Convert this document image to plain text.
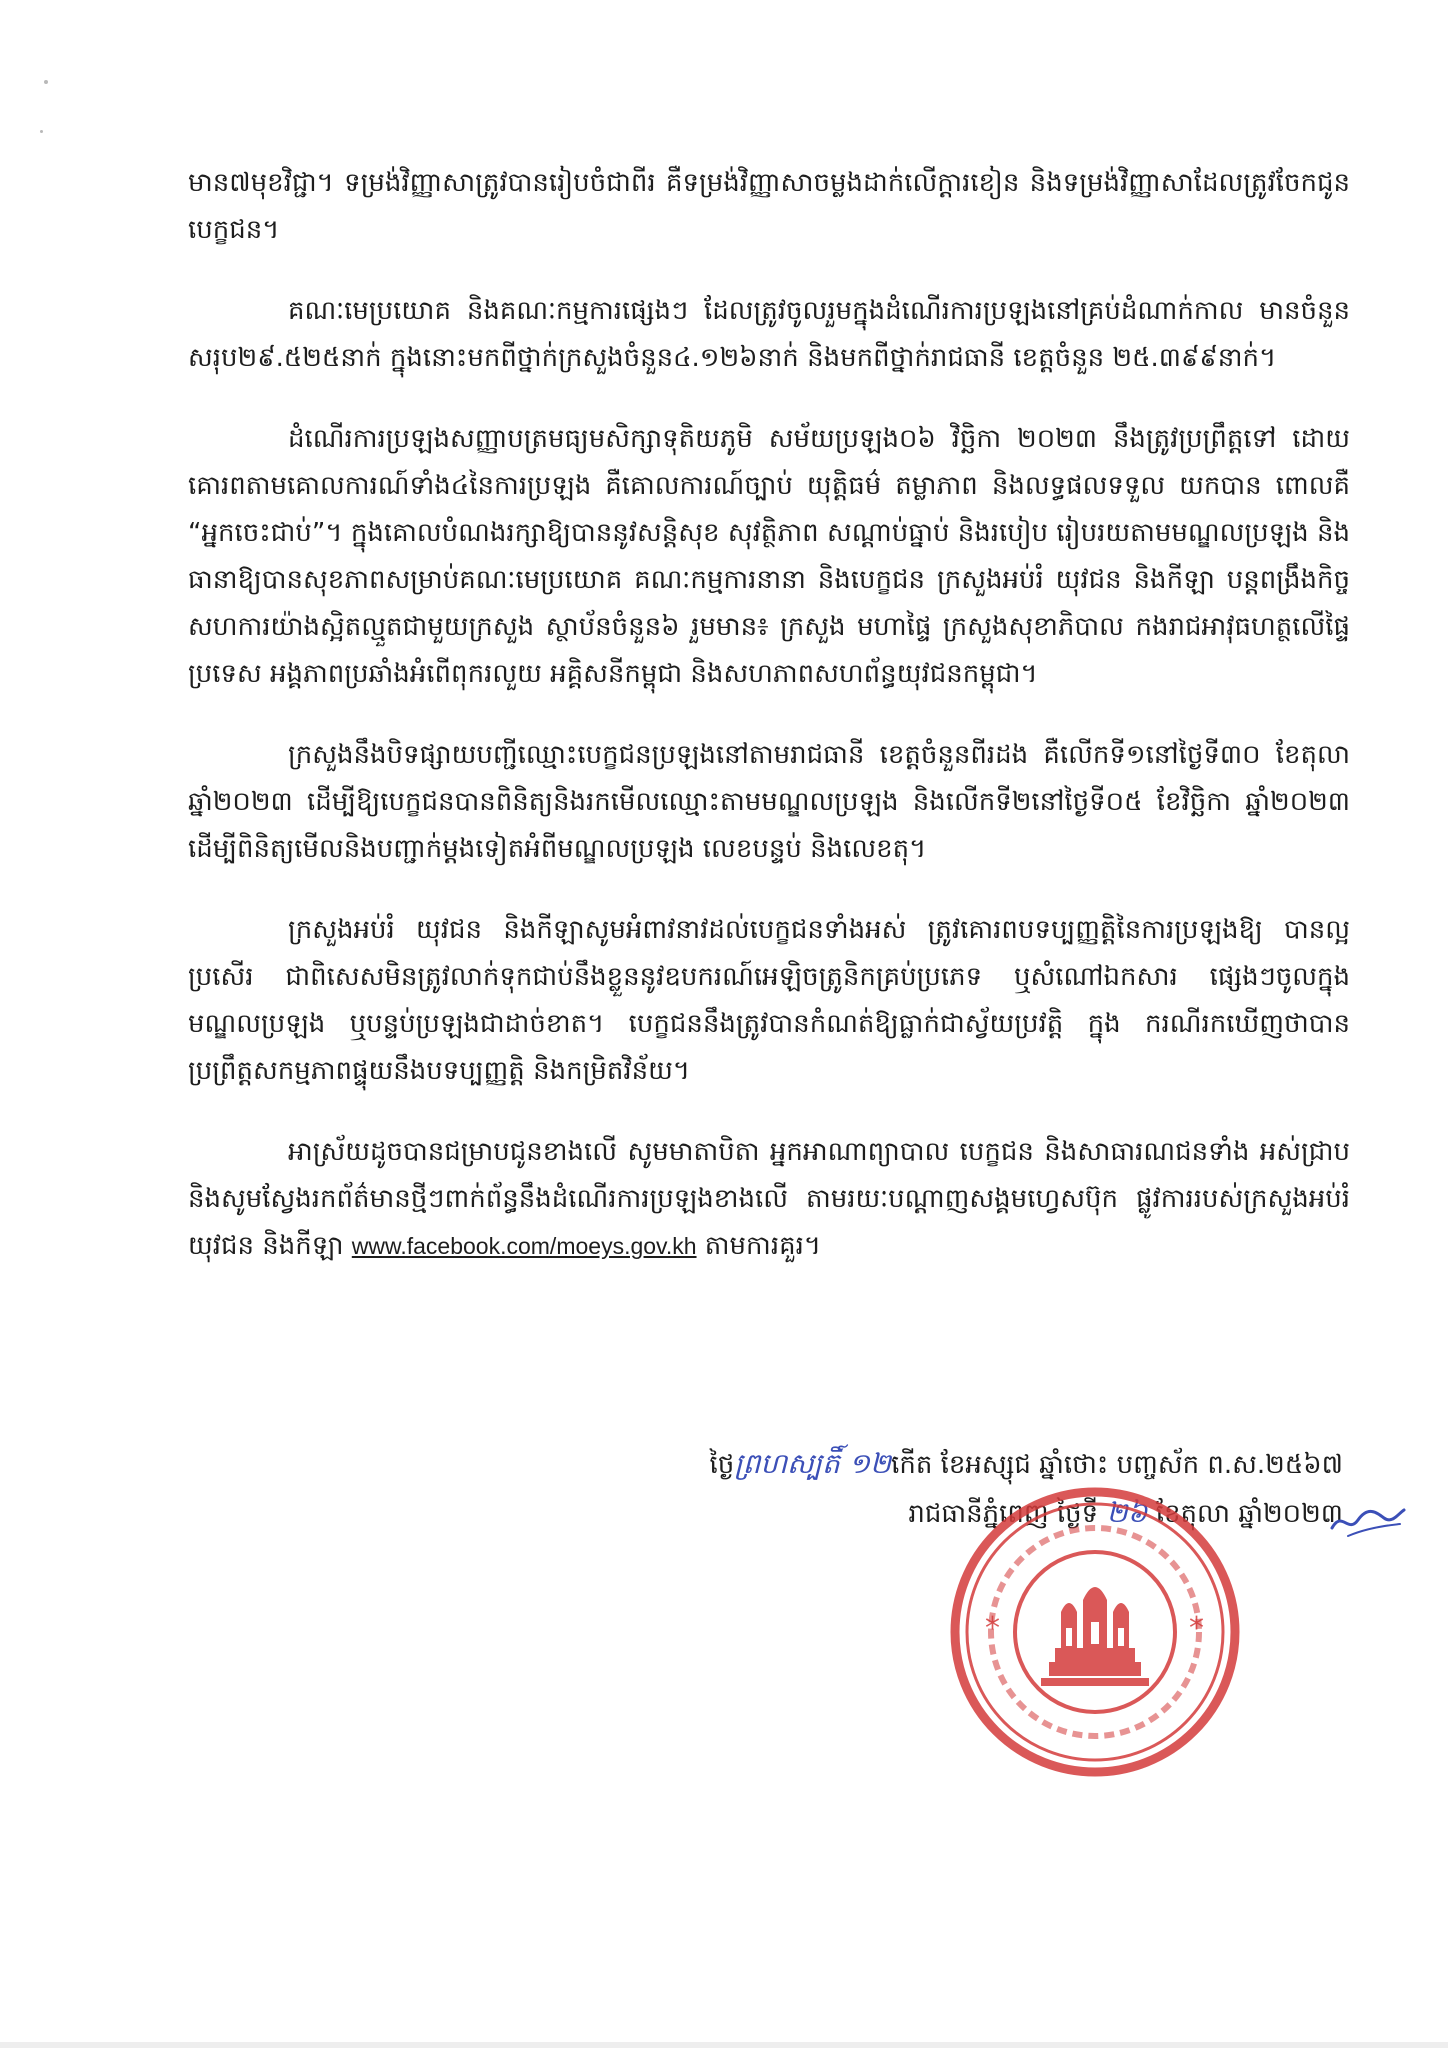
មាន៧មុខវិជ្ជា។ ទម្រង់វិញ្ញាសាត្រូវបានរៀបចំជាពីរ គឺទម្រង់វិញ្ញាសាចម្លងដាក់លើក្តារខៀន និងទម្រង់វិញ្ញាសាដែលត្រូវចែកជូនបេក្ខជន។

គណៈមេប្រយោគ និងគណៈកម្មការផ្សេងៗ ដែលត្រូវចូលរួមក្នុងដំណើរការប្រឡងនៅគ្រប់ដំណាក់កាល មានចំនួនសរុប២៩.៥២៥នាក់ ក្នុងនោះមកពីថ្នាក់ក្រសួងចំនួន៤.១២៦នាក់ និងមកពីថ្នាក់រាជធានី ខេត្តចំនួន ២៥.៣៩៩នាក់។

ដំណើរការប្រឡងសញ្ញាបត្រមធ្យមសិក្សាទុតិយភូមិ សម័យប្រឡង០៦ វិច្ឆិកា ២០២៣ នឹងត្រូវប្រព្រឹត្តទៅ ដោយគោរពតាមគោលការណ៍ទាំង៤នៃការប្រឡង គឺគោលការណ៍ច្បាប់ យុត្តិធម៌ តម្លាភាព និងលទ្ធផលទទួល យកបាន ពោលគឺ “អ្នកចេះជាប់”។ ក្នុងគោលបំណងរក្សាឱ្យបាននូវសន្តិសុខ សុវត្ថិភាព សណ្តាប់ធ្នាប់ និងរបៀប រៀបរយតាមមណ្ឌលប្រឡង និងធានាឱ្យបានសុខភាពសម្រាប់គណៈមេប្រយោគ គណៈកម្មការនានា និងបេក្ខជន ក្រសួងអប់រំ យុវជន និងកីឡា បន្តពង្រឹងកិច្ចសហការយ៉ាងស្អិតល្មួតជាមួយក្រសួង ស្ថាប័នចំនួន៦ រួមមាន៖ ក្រសួង មហាផ្ទៃ ក្រសួងសុខាភិបាល កងរាជអាវុធហត្ថលើផ្ទៃប្រទេស អង្គភាពប្រឆាំងអំពើពុករលួយ អគ្គិសនីកម្ពុជា និងសហភាពសហព័ន្ធយុវជនកម្ពុជា។

ក្រសួងនឹងបិទផ្សាយបញ្ជីឈ្មោះបេក្ខជនប្រឡងនៅតាមរាជធានី ខេត្តចំនួនពីរដង គឺលើកទី១នៅថ្ងៃទី៣០ ខែតុលា ឆ្នាំ២០២៣ ដើម្បីឱ្យបេក្ខជនបានពិនិត្យនិងរកមើលឈ្មោះតាមមណ្ឌលប្រឡង និងលើកទី២នៅថ្ងៃទី០៥ ខែវិច្ឆិកា ឆ្នាំ២០២៣ ដើម្បីពិនិត្យមើលនិងបញ្ជាក់ម្តងទៀតអំពីមណ្ឌលប្រឡង លេខបន្ទប់ និងលេខតុ។

ក្រសួងអប់រំ យុវជន និងកីឡាសូមអំពាវនាវដល់បេក្ខជនទាំងអស់ ត្រូវគោរពបទប្បញ្ញត្តិនៃការប្រឡងឱ្យ បានល្អប្រសើរ ជាពិសេសមិនត្រូវលាក់ទុកជាប់នឹងខ្លួននូវឧបករណ៍អេឡិចត្រូនិកគ្រប់ប្រភេទ ឬសំណៅឯកសារ ផ្សេងៗចូលក្នុងមណ្ឌលប្រឡង ឬបន្ទប់ប្រឡងជាដាច់ខាត។ បេក្ខជននឹងត្រូវបានកំណត់ឱ្យធ្លាក់ជាស្វ័យប្រវត្តិ ក្នុង ករណីរកឃើញថាបានប្រព្រឹត្តសកម្មភាពផ្ទុយនឹងបទប្បញ្ញត្តិ និងកម្រិតវិន័យ។

អាស្រ័យដូចបានជម្រាបជូនខាងលើ សូមមាតាបិតា អ្នកអាណាព្យាបាល បេក្ខជន និងសាធារណជនទាំង អស់ជ្រាប និងសូមស្វែងរកព័ត៌មានថ្មីៗពាក់ព័ន្ធនឹងដំណើរការប្រឡងខាងលើ តាមរយៈបណ្តាញសង្គមហ្វេសប៊ុក ផ្លូវការរបស់ក្រសួងអប់រំ យុវជន និងកីឡា www.facebook.com/moeys.gov.kh តាមការគួរ។

ថ្ងៃព្រហស្បតិ៍ ១២កើត ខែអស្សុជ ឆ្នាំថោះ បញ្ចស័ក ព.ស.២៥៦៧
រាជធានីភ្នំពេញ ថ្ងៃទី ២៦ ខែតុលា ឆ្នាំ២០២៣
*	*
